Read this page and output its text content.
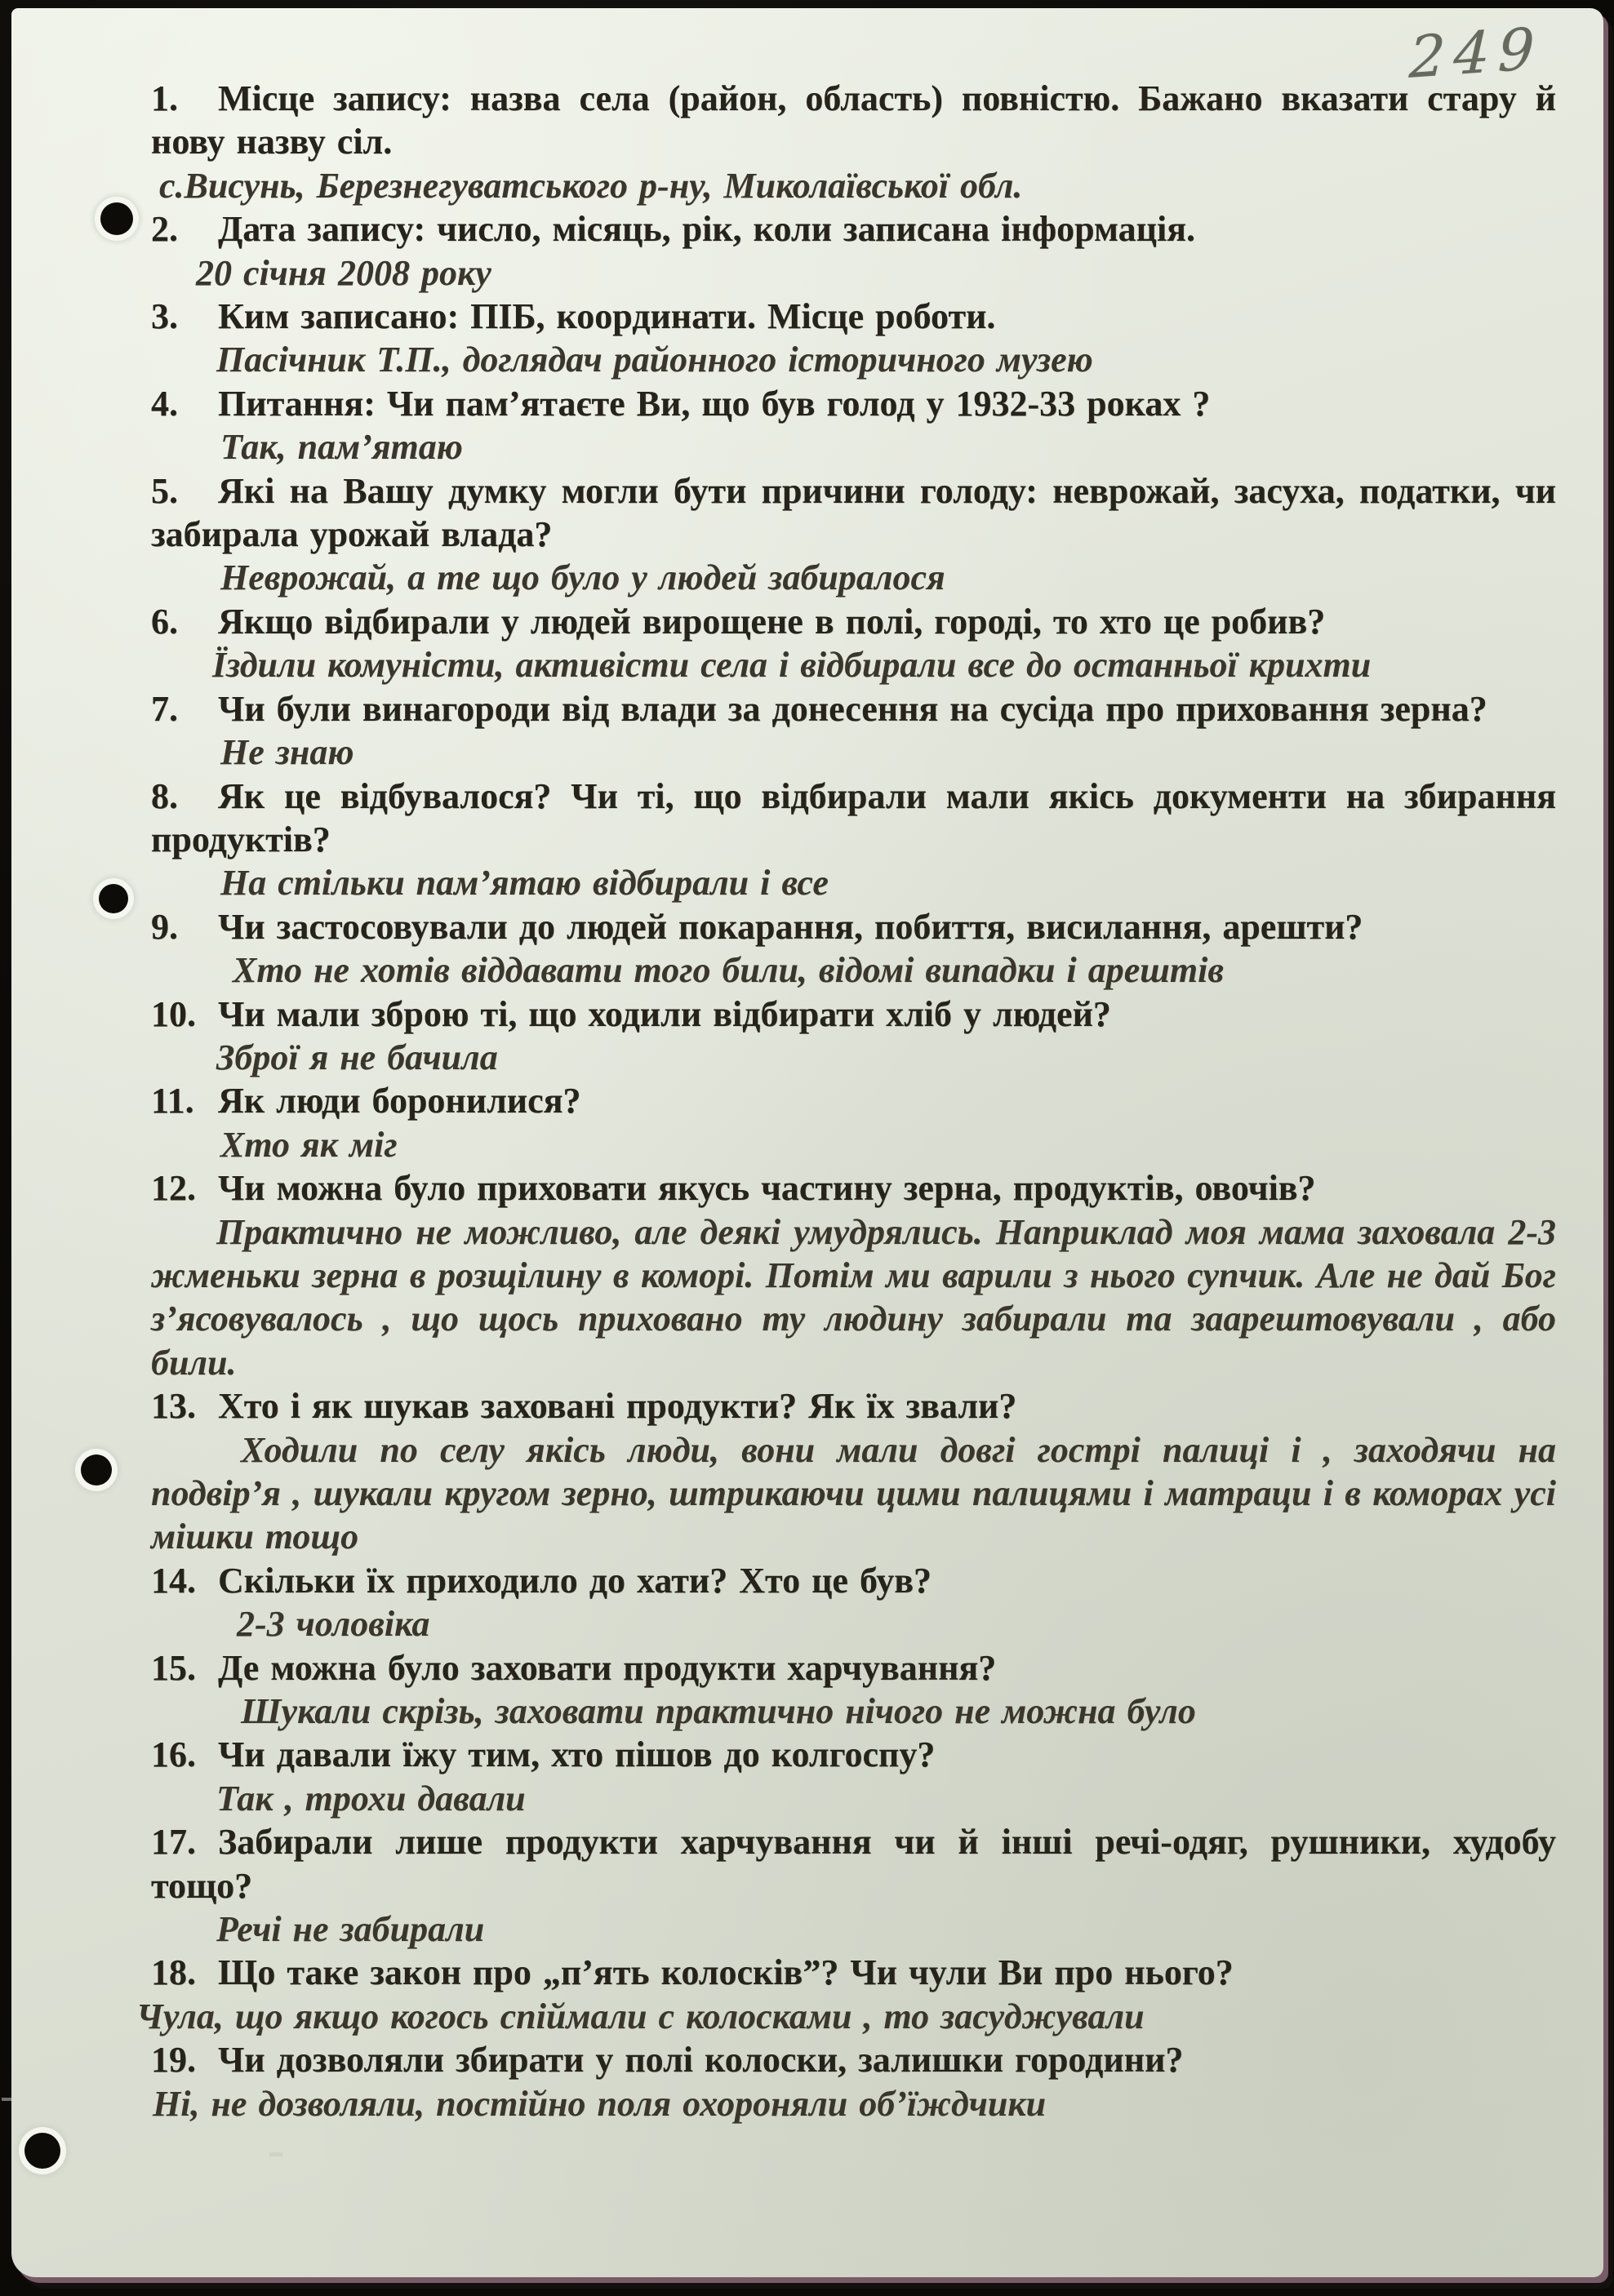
249

1. Місце запису: назва села (район, область) повністю. Бажано вказати стару й нову назву сіл.

с.Висунь, Березнегуватського р-ну, Миколаївської обл.

2. Дата запису: число, місяць, рік, коли записана інформація.

20 січня 2008 року

3. Ким записано: ПІБ, координати. Місце роботи.

Пасічник Т.П., доглядач районного історичного музею

4. Питання: Чи пам’ятаєте Ви, що був голод у 1932-33 роках ?

Так, пам’ятаю

5. Які на Вашу думку могли бути причини голоду: неврожай, засуха, податки, чи забирала урожай влада?

Неврожай, а те що було у людей забиралося

6. Якщо відбирали у людей вирощене в полі, городі, то хто це робив?

Їздили комуністи, активісти села і відбирали все до останньої крихти

7. Чи були винагороди від влади за донесення на сусіда про приховання зерна?

Не знаю

8. Як це відбувалося? Чи ті, що відбирали мали якісь документи на збирання продуктів?

На стільки пам’ятаю відбирали і все

9. Чи застосовували до людей покарання, побиття, висилання, арешти?

Хто не хотів віддавати того били, відомі випадки і арештів

10. Чи мали зброю ті, що ходили відбирати хліб у людей?

Зброї я не бачила

11. Як люди боронилися?

Хто як міг

12. Чи можна було приховати якусь частину зерна, продуктів, овочів?

Практично не можливо, але деякі умудрялись. Наприклад моя мама заховала 2-3 жменьки зерна в розщілину в коморі. Потім ми варили з нього супчик. Але не дай Бог з’ясовувалось , що щось приховано ту людину забирали та заарештовували , або били.

13. Хто і як шукав заховані продукти? Як їх звали?

Ходили по селу якісь люди, вони мали довгі гострі палиці і , заходячи на подвір’я , шукали кругом зерно, штрикаючи цими палицями і матраци і в коморах усі мішки тощо

14. Скільки їх приходило до хати? Хто це був?

2-3 чоловіка

15. Де можна було заховати продукти харчування?

Шукали скрізь, заховати практично нічого не можна було

16. Чи давали їжу тим, хто пішов до колгоспу?

Так , трохи давали

17. Забирали лише продукти харчування чи й інші речі-одяг, рушники, худобу тощо?

Речі не забирали

18. Що таке закон про „п’ять колосків”? Чи чули Ви про нього?

Чула, що якщо когось спіймали с колосками , то засуджували

19. Чи дозволяли збирати у полі колоски, залишки городини?

Ні, не дозволяли, постійно поля охороняли об’їждчики
